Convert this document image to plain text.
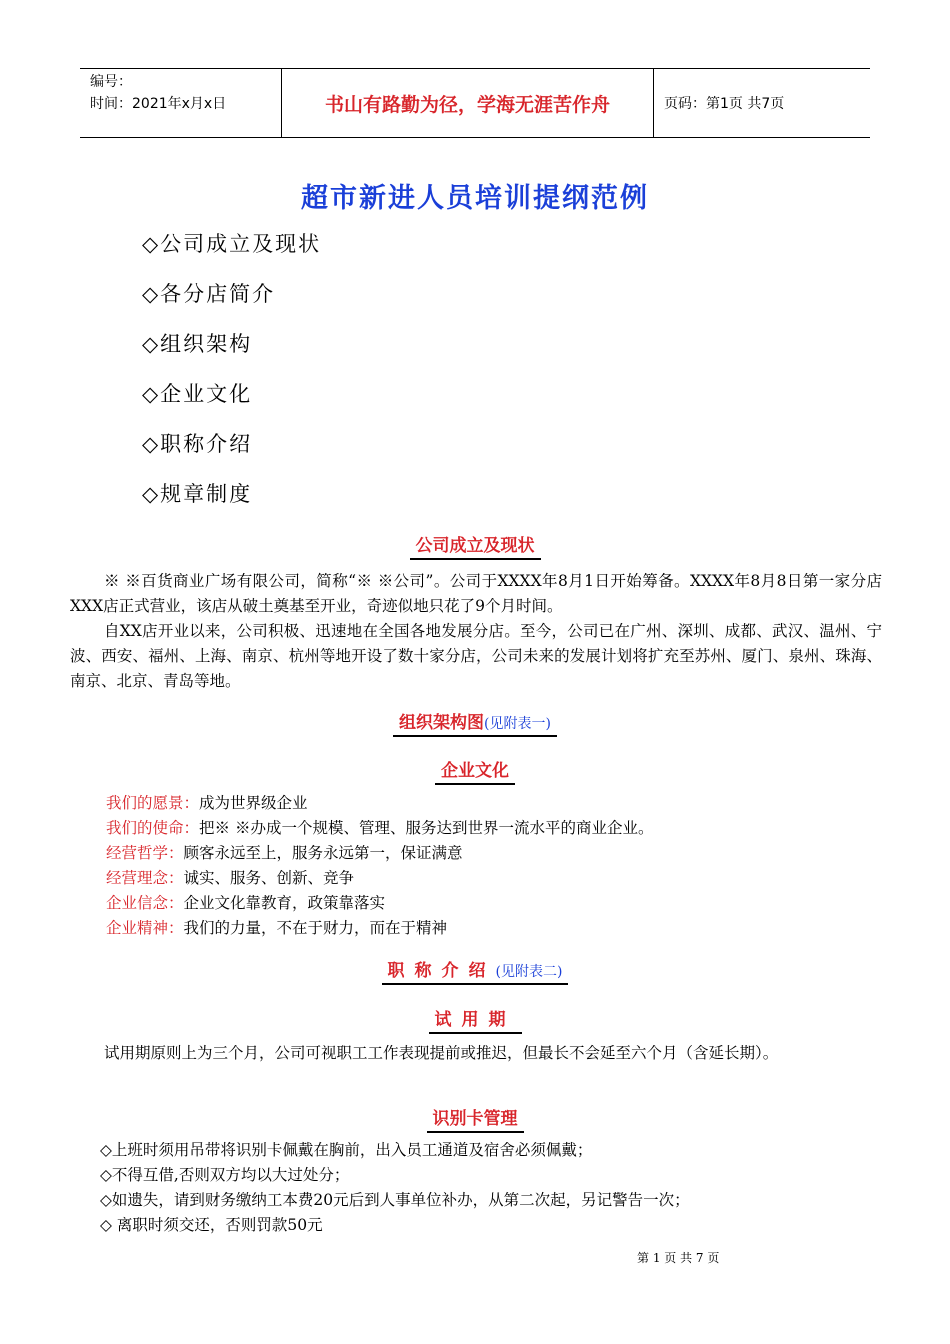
编号：
时间：2021年x月x日	书山有路勤为径，学海无涯苦作舟	页码：第1页 共7页
超市新进人员培训提纲范例
◇公司成立及现状
◇各分店简介
◇组织架构
◇企业文化
◇职称介绍
◇规章制度
公司成立及现状
※ ※百货商业广场有限公司，简称“※ ※公司”。公司于XXXX年8月1日开始筹备。XXXX年8月8日第一家分店XXX店正式营业，该店从破土奠基至开业，奇迹似地只花了9个月时间。
自XX店开业以来，公司积极、迅速地在全国各地发展分店。至今，公司已在广州、深圳、成都、武汉、温州、宁波、西安、福州、上海、南京、杭州等地开设了数十家分店，公司未来的发展计划将扩充至苏州、厦门、泉州、珠海、南京、北京、青岛等地。
组织架构图(见附表一)
企业文化
我们的愿景：成为世界级企业
我们的使命：把※ ※办成一个规模、管理、服务达到世界一流水平的商业企业。
经营哲学：顾客永远至上，服务永远第一，保证满意
经营理念：诚实、服务、创新、竞争
企业信念：企业文化靠教育，政策靠落实
企业精神：我们的力量，不在于财力，而在于精神
职称介绍(见附表二)
试用期
试用期原则上为三个月，公司可视职工工作表现提前或推迟，但最长不会延至六个月（含延长期）。
识别卡管理
◇上班时须用吊带将识别卡佩戴在胸前，出入员工通道及宿舍必须佩戴；
◇不得互借,否则双方均以大过处分；
◇如遗失，请到财务缴纳工本费20元后到人事单位补办，从第二次起，另记警告一次；
◇ 离职时须交还，否则罚款50元
第 1 页 共 7 页
